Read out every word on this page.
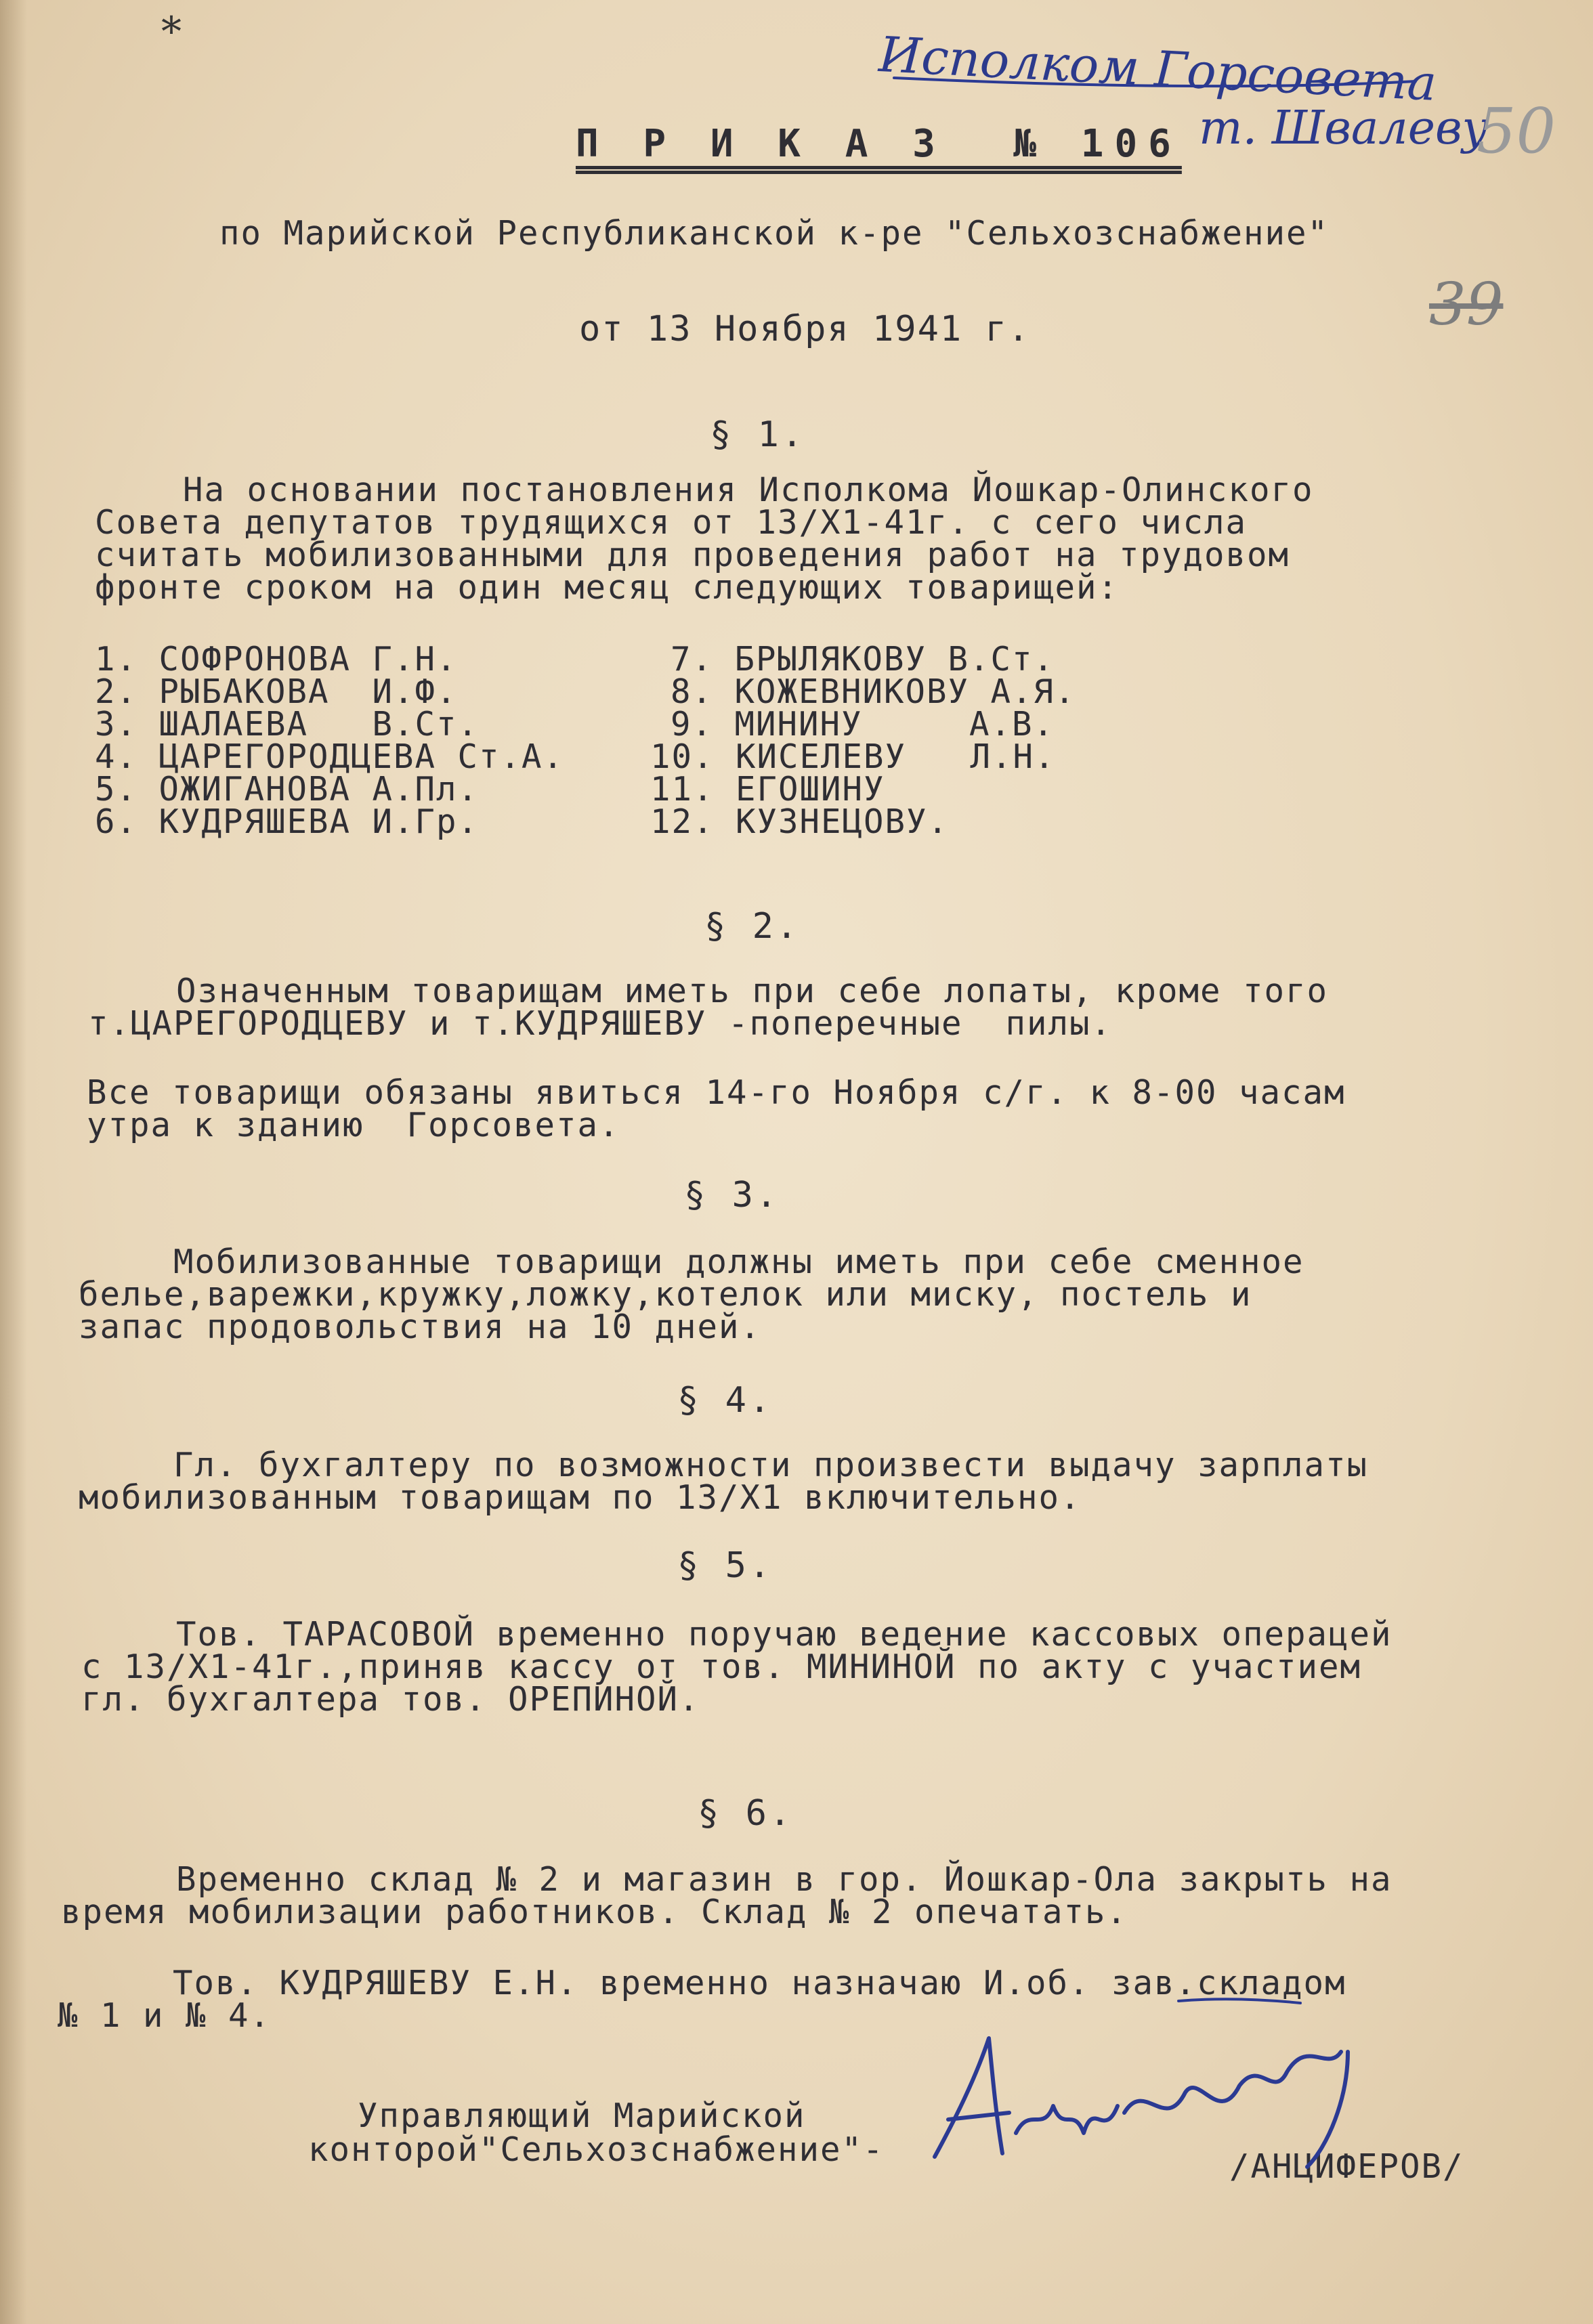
*	Исполком Горсовета
т. Швалеву
50
39
П Р И К А З  № 106
по Марийской Республиканской к-ре "Сельхозснабжение"
от 13 Ноября 1941 г.
§ 1.
На основании постановления Исполкома Йошкар-Олинского
Совета депутатов трудящихся от 13/Х1-41г. с сего числа
считать мобилизованными для проведения работ на трудовом
фронте сроком на один месяц следующих товарищей:
1. СОФРОНОВА Г.Н.
2. РЫБАКОВА  И.Ф.
3. ШАЛАЕВА   В.Ст.
4. ЦАРЕГОРОДЦЕВА Ст.А.
5. ОЖИГАНОВА А.Пл.
6. КУДРЯШЕВА И.Гр.
7. БРЫЛЯКОВУ В.Ст.
8. КОЖЕВНИКОВУ А.Я.
9. МИНИНУ     А.В.
10. КИСЕЛЕВУ   Л.Н.
11. ЕГОШИНУ
12. КУЗНЕЦОВУ.
§ 2.
Означенным товарищам иметь при себе лопаты, кроме того
т.ЦАРЕГОРОДЦЕВУ и т.КУДРЯШЕВУ -поперечные  пилы.
Все товарищи обязаны явиться 14-го Ноября с/г. к 8-00 часам
утра к зданию  Горсовета.
§ 3.
Мобилизованные товарищи должны иметь при себе сменное
белье,варежки,кружку,ложку,котелок или миску, постель и
запас продовольствия на 10 дней.
§ 4.
Гл. бухгалтеру по возможности произвести выдачу зарплаты
мобилизованным товарищам по 13/Х1 включительно.
§ 5.
Тов. ТАРАСОВОЙ временно поручаю ведение кассовых операцей
с 13/Х1-41г.,приняв кассу от тов. МИНИНОЙ по акту с участием
гл. бухгалтера тов. ОРЕПИНОЙ.
§ 6.
Временно склад № 2 и магазин в гор. Йошкар-Ола закрыть на
время мобилизации работников. Склад № 2 опечатать.
Тов. КУДРЯШЕВУ Е.Н. временно назначаю И.об. зав.складом
№ 1 и № 4.
Управляющий Марийской
конторой"Сельхозснабжение"-	/АНЦИФЕРОВ/
